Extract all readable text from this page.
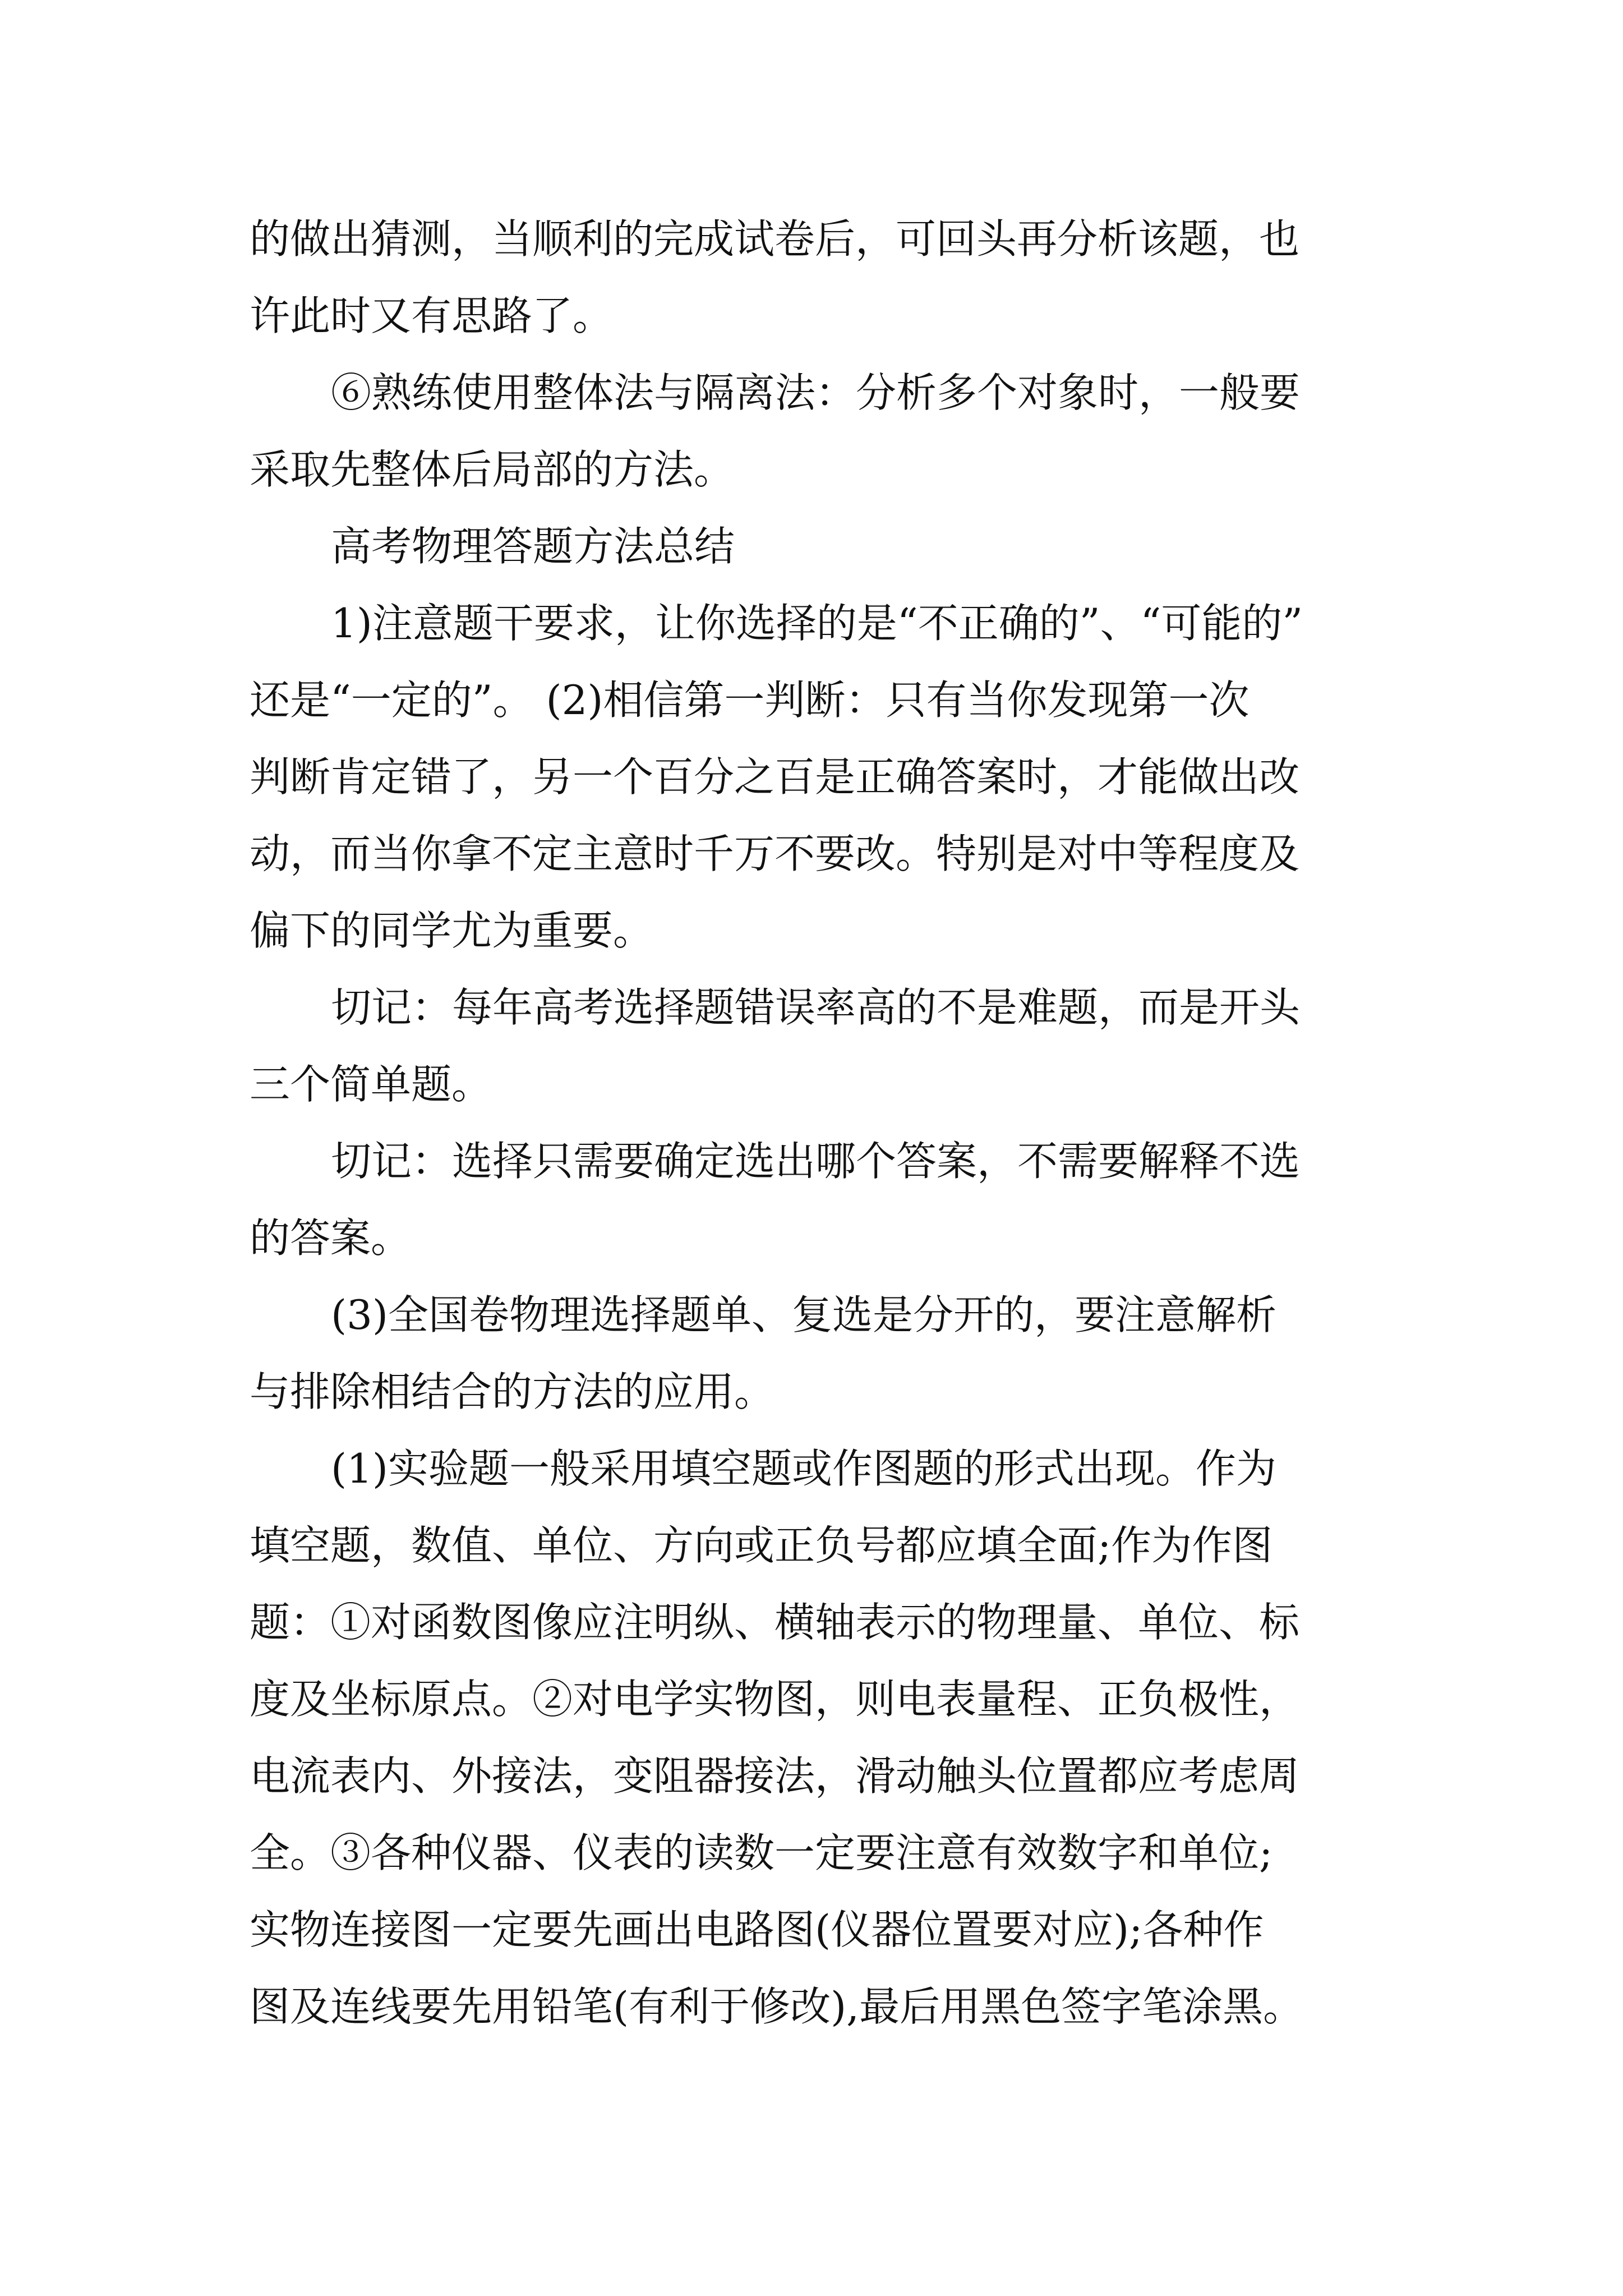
的做出猜测，当顺利的完成试卷后，可回头再分析该题，也
许此时又有思路了。
⑥熟练使用整体法与隔离法：分析多个对象时，一般要
采取先整体后局部的方法。
高考物理答题方法总结
1)注意题干要求，让你选择的是“不正确的”、“可能的”
还是“一定的”。 (2)相信第一判断：只有当你发现第一次
判断肯定错了，另一个百分之百是正确答案时，才能做出改
动，而当你拿不定主意时千万不要改。特别是对中等程度及
偏下的同学尤为重要。
切记：每年高考选择题错误率高的不是难题，而是开头
三个简单题。
切记：选择只需要确定选出哪个答案，不需要解释不选
的答案。
(3)全国卷物理选择题单、复选是分开的，要注意解析
与排除相结合的方法的应用。
(1)实验题一般采用填空题或作图题的形式出现。作为
填空题，数值、单位、方向或正负号都应填全面;作为作图
题：①对函数图像应注明纵、横轴表示的物理量、单位、标
度及坐标原点。②对电学实物图，则电表量程、正负极性，
电流表内、外接法，变阻器接法，滑动触头位置都应考虑周
全。③各种仪器、仪表的读数一定要注意有效数字和单位;
实物连接图一定要先画出电路图(仪器位置要对应);各种作
图及连线要先用铅笔(有利于修改),最后用黑色签字笔涂黑。
